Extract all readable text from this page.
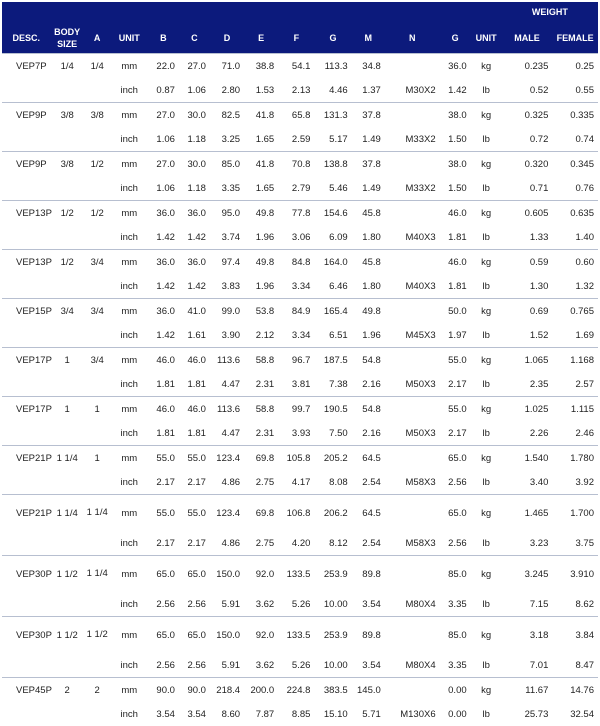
														WEIGHT	
DESC.	BODY SIZE	A	UNIT	B	C	D	E	F	G	M	N	G	UNIT	MALE	FEMALE
VEP7P	1/4	1/4	mm	22.0	27.0	71.0	38.8	54.1	113.3	34.8		36.0	kg	0.235	0.25
			inch	0.87	1.06	2.80	1.53	2.13	4.46	1.37	M30X2	1.42	lb	0.52	0.55
VEP9P	3/8	3/8	mm	27.0	30.0	82.5	41.8	65.8	131.3	37.8		38.0	kg	0.325	0.335
			inch	1.06	1.18	3.25	1.65	2.59	5.17	1.49	M33X2	1.50	lb	0.72	0.74
VEP9P	3/8	1/2	mm	27.0	30.0	85.0	41.8	70.8	138.8	37.8		38.0	kg	0.320	0.345
			inch	1.06	1.18	3.35	1.65	2.79	5.46	1.49	M33X2	1.50	lb	0.71	0.76
VEP13P	1/2	1/2	mm	36.0	36.0	95.0	49.8	77.8	154.6	45.8		46.0	kg	0.605	0.635
			inch	1.42	1.42	3.74	1.96	3.06	6.09	1.80	M40X3	1.81	lb	1.33	1.40
VEP13P	1/2	3/4	mm	36.0	36.0	97.4	49.8	84.8	164.0	45.8		46.0	kg	0.59	0.60
			inch	1.42	1.42	3.83	1.96	3.34	6.46	1.80	M40X3	1.81	lb	1.30	1.32
VEP15P	3/4	3/4	mm	36.0	41.0	99.0	53.8	84.9	165.4	49.8		50.0	kg	0.69	0.765
			inch	1.42	1.61	3.90	2.12	3.34	6.51	1.96	M45X3	1.97	lb	1.52	1.69
VEP17P	1	3/4	mm	46.0	46.0	113.6	58.8	96.7	187.5	54.8		55.0	kg	1.065	1.168
			inch	1.81	1.81	4.47	2.31	3.81	7.38	2.16	M50X3	2.17	lb	2.35	2.57
VEP17P	1	1	mm	46.0	46.0	113.6	58.8	99.7	190.5	54.8		55.0	kg	1.025	1.115
			inch	1.81	1.81	4.47	2.31	3.93	7.50	2.16	M50X3	2.17	lb	2.26	2.46
VEP21P	1 1/4	1	mm	55.0	55.0	123.4	69.8	105.8	205.2	64.5		65.0	kg	1.540	1.780
			inch	2.17	2.17	4.86	2.75	4.17	8.08	2.54	M58X3	2.56	lb	3.40	3.92
VEP21P	1 1/4	1 1/4	mm	55.0	55.0	123.4	69.8	106.8	206.2	64.5		65.0	kg	1.465	1.700
			inch	2.17	2.17	4.86	2.75	4.20	8.12	2.54	M58X3	2.56	lb	3.23	3.75
VEP30P	1 1/2	1 1/4	mm	65.0	65.0	150.0	92.0	133.5	253.9	89.8		85.0	kg	3.245	3.910
			inch	2.56	2.56	5.91	3.62	5.26	10.00	3.54	M80X4	3.35	lb	7.15	8.62
VEP30P	1 1/2	1 1/2	mm	65.0	65.0	150.0	92.0	133.5	253.9	89.8		85.0	kg	3.18	3.84
			inch	2.56	2.56	5.91	3.62	5.26	10.00	3.54	M80X4	3.35	lb	7.01	8.47
VEP45P	2	2	mm	90.0	90.0	218.4	200.0	224.8	383.5	145.0		0.00	kg	11.67	14.76
			inch	3.54	3.54	8.60	7.87	8.85	15.10	5.71	M130X6	0.00	lb	25.73	32.54
